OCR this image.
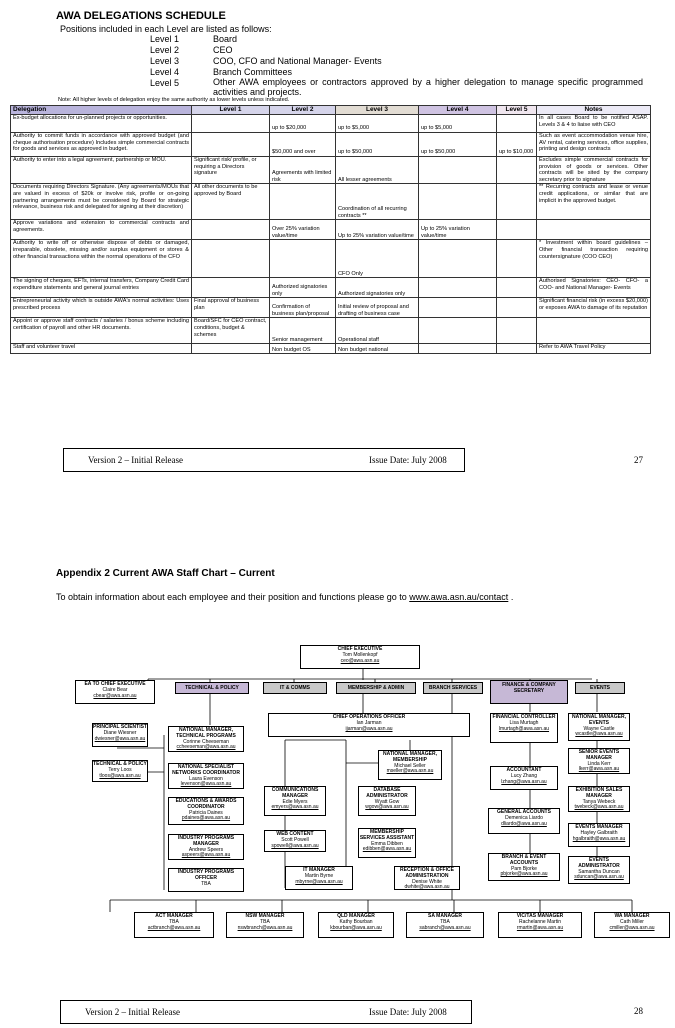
AWA DELEGATIONS SCHEDULE
Positions included in each Level are listed as follows:
Level 1	Board
Level 2	CEO
Level 3	COO, CFO and National Manager- Events
Level 4	Branch Committees
Level 5	Other AWA employees or contractors approved by a higher delegation to manage specific programmed activities and projects.
Note: All higher levels of delegation enjoy the same authority as lower levels unless indicated.
Delegation	Level 1	Level 2	Level 3	Level 4	Level 5	Notes
Ex-budget allocations for un-planned projects or opportunities.		up to $20,000	up to $5,000	up to $5,000		In all cases Board to be notified ASAP. Levels 3 & 4 to liaise with CEO
Authority to commit funds in accordance with approved budget (and cheque authorisation procedure) Includes simple commercial contracts for goods and services as approved in budget.		$50,000 and over	up to $50,000	up to $50,000	up to $10,000	Such as event accommodation venue hire, AV rental, catering services, office supplies, printing and design contracts
Authority to enter into a legal agreement, partnership or MOU.	Significant risk/ profile, or requiring a Directors signature	Agreements with limited risk	All lesser agreements			Excludes simple commercial contracts for provision of goods or services. Other contracts will be sited by the company secretary prior to signature
Documents requiring Directors Signature. (Any agreements/MOUs that are valued in excess of $20k or involve risk, profile or on-going partnering arrangements must be considered by Board for strategic relevance, business risk and delegated for signing at their discretion)	All other documents to be approved by Board		Coordination of all recurring contracts **			** Recurring contracts and lease or venue credit applications, or similar that are implicit in the approved budget.
Approve variations and extension to commercial contracts and agreements.		Over 25% variation value/time	Up to 25% variation value/time	Up to 25% variation value/time		
Authority to write off or otherwise dispose of debts or damaged, irreparable, obsolete, missing and/or surplus equipment or stores & other financial transactions within the normal operations of the CFO			CFO Only			* Investment within board guidelines – Other financial transaction requiring countersignature (COO CEO)
The signing of cheques, EFTs, internal transfers, Company Credit Card expenditure statements and general journal entries		Authorized signatories only	Authorized signatories only			Authorised Signatories: CEO- CFO- a COO- and National Manager- Events
Entrepreneurial activity which is outside AWA's normal activities: Uses prescribed process	Final approval of business plan	Confirmation of business plan/proposal	Initial review of proposal and drafting of business case			Significant financial risk (in excess $20,000) or exposes AWA to damage of its reputation
Appoint or approve staff contracts / salaries / bonus scheme including certification of payroll and other HR documents.	Board/SFC for CEO contract, conditions, budget & schemes	Senior management	Operational staff			
Staff and volunteer travel		Non budget OS	Non budget national			Refer to AWA Travel Policy
Version 2 – Initial Release	Issue Date: July 2008	27
Appendix 2 Current AWA Staff Chart – Current
To obtain information about each employee and their position and functions please go to www.awa.asn.au/contact .
CHIEF EXECUTIVE
Tom Mollenkopf
ceo@awa.asn.au
EA TO CHIEF EXECUTIVE
Claire Bear
cbear@awa.asn.au
TECHNICAL & POLICY	IT & COMMS	MEMBERSHIP & ADMIN	BRANCH SERVICES	FINANCE & COMPANY SECRETARY	EVENTS
CHIEF OPERATIONS OFFICER
Ian Jarman
ijarman@awa.asn.au
PRINCIPAL SCIENTIST
Diane Wiesner
dwiesner@awa.asn.au
TECHNICAL & POLICY
Terry Loos
tloos@awa.asn.au
NATIONAL MANAGER, TECHNICAL PROGRAMS
Corinne Cheeseman
ccheeseman@awa.asn.au
NATIONAL SPECIALIST NETWORKS COORDINATOR
Laura Evenson
levenson@awa.asn.au
EDUCATIONS & AWARDS COORDINATOR
Patricia Daines
pdaines@awa.asn.au
INDUSTRY PROGRAMS MANAGER
Andrew Speers
aspeers@awa.asn.au
INDUSTRY PROGRAMS OFFICER
TBA
COMMUNICATIONS MANAGER
Edie Myers
emyers@awa.asn.au
WEB CONTENT
Scott Powell
spowell@awa.asn.au
IT MANAGER
Martin Byrne
mbyrne@awa.asn.au
NATIONAL MANAGER, MEMBERSHIP
Michael Seller
mseller@awa.asn.au
DATABASE ADMINISTRATOR
Wyatt Gow
wgow@awa.asn.au
MEMBERSHIP SERVICES ASSISTANT
Emma Dibben
edibben@awa.asn.au
RECEPTION & OFFICE ADMINISTRATION
Denise White
dwhite@awa.asn.au
FINANCIAL CONTROLLER
Lisa Murtagh
lmurtagh@awa.asn.au
ACCOUNTANT
Lucy Zhang
lzhang@awa.asn.au
GENERAL ACCOUNTS
Demenica Liardo
dliardo@awa.asn.au
BRANCH & EVENT ACCOUNTS
Pam Bjorke
pbjorke@awa.asn.au
NATIONAL MANAGER, EVENTS
Wayne Castle
wcastle@awa.asn.au
SENIOR EVENTS MANAGER
Linda Kerr
lkerr@awa.asn.au
EXHIBITION SALES MANAGER
Tanya Webeck
twebeck@awa.asn.au
EVENTS MANAGER
Hayley Galbraith
hgalbraith@awa.asn.au
EVENTS ADMINISTRATOR
Samantha Duncan
sduncan@awa.asn.au
ACT MANAGER
TBA
actbranch@awa.asn.au
NSW MANAGER
TBA
nswbranch@awa.asn.au
QLD MANAGER
Kathy Bourban
kbourban@awa.asn.au
SA MANAGER
TBA
sabranch@awa.asn.au
VIC/TAS MANAGER
Rachelanne Martin
rmartin@awa.asn.au
WA MANAGER
Cath Miller
cmiller@awa.asn.au
Version 2 – Initial Release	Issue Date: July 2008	28
